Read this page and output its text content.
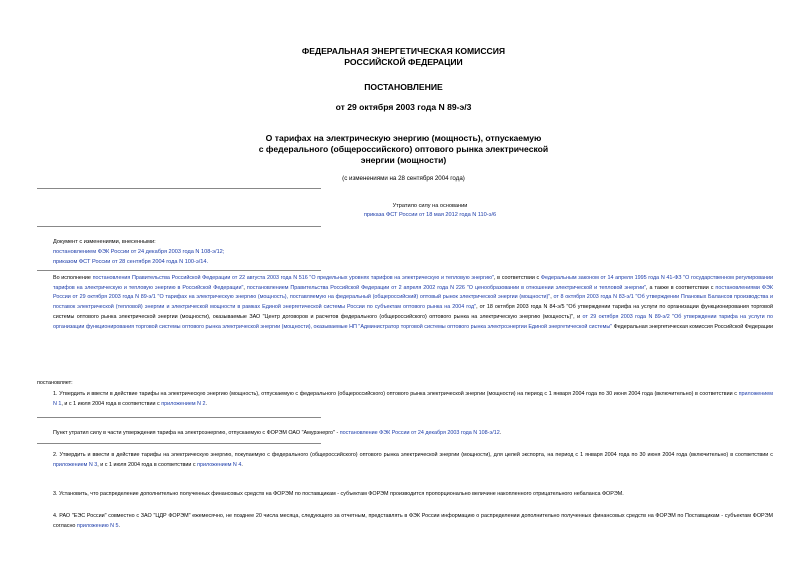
ФЕДЕРАЛЬНАЯ ЭНЕРГЕТИЧЕСКАЯ КОМИССИЯ
РОССИЙСКОЙ ФЕДЕРАЦИИ
ПОСТАНОВЛЕНИЕ
от 29 октября 2003 года N 89-э/3
О тарифах на электрическую энергию (мощность), отпускаемую
с федерального (общероссийского) оптового рынка электрической
энергии (мощности)
(с изменениями на 28 сентября 2004 года)
Утратило силу на основании
приказа ФСТ России от 18 мая 2012 года N 110-э/6
Документ с изменениями, внесенными:
постановлением ФЭК России от 24 декабря 2003 года N 108-э/12;
приказом ФСТ России от 28 сентября 2004 года N 100-э/14.
Во исполнение постановления Правительства Российской Федерации от 22 августа 2003 года N 516 "О предельных уровнях тарифов на электрическую и тепловую энергию", в соответствии с Федеральным законом от 14 апреля 1995 года N 41-ФЗ "О государственном регулировании тарифов на электрическую и тепловую энергию в Российской Федерации", постановлением Правительства Российской Федерации от 2 апреля 2002 года N 226 "О ценообразовании в отношении электрической и тепловой энергии", а также в соответствии с постановлениями ФЭК России от 29 октября 2003 года N 89-э/1 "О тарифах на электрическую энергию (мощность), поставляемую на федеральный (общероссийский) оптовый рынок электрической энергии (мощности)", от 8 октября 2003 года N 83-э/1 "Об утверждении Плановых Балансов производства и поставок электрической (тепловой) энергии и электрической мощности в рамках Единой энергетической системы России по субъектам оптового рынка на 2004 год", от 18 октября 2003 года N 84-э/5 "Об утверждении тарифа на услуги по организации функционирования торговой системы оптового рынка электрической энергии (мощности), оказываемые ЗАО "Центр договоров и расчетов федерального (общероссийского) оптового рынка на электрическую энергию (мощность)", и от 29 октября 2003 года N 89-э/2 "Об утверждении тарифа на услуги по организации функционирования торговой системы оптового рынка электрической энергии (мощности), оказываемые НП "Администратор торговой системы оптового рынка электроэнергии Единой энергетической системы" Федеральная энергетическая комиссия Российской Федерации
постановляет:
1. Утвердить и ввести в действие тарифы на электрическую энергию (мощность), отпускаемую с федерального (общероссийского) оптового рынка электрической энергии (мощности) на период с 1 января 2004 года по 30 июня 2004 года (включительно) в соответствии с приложением N 1, и с 1 июля 2004 года в соответствии с приложением N 2.
Пункт утратил силу в части утверждения тарифа на электроэнергию, отпускаемую с ФОРЭМ ОАО "Амурэнерго" - постановление ФЭК России от 24 декабря 2003 года N 108-э/12.
2. Утвердить и ввести в действие тарифы на электрическую энергию, покупаемую с федерального (общероссийского) оптового рынка электрической энергии (мощности), для целей экспорта, на период с 1 января 2004 года по 30 июня 2004 года (включительно) в соответствии с приложением N 3, и с 1 июля 2004 года в соответствии с приложением N 4.
3. Установить, что распределение дополнительно полученных финансовых средств на ФОРЭМ по поставщикам - субъектам ФОРЭМ производится пропорционально величине накопленного отрицательного небаланса ФОРЭМ.
4. РАО "ЕЭС России" совместно с ЗАО "ЦДР ФОРЭМ" ежемесячно, не позднее 20 числа месяца, следующего за отчетным, представлять в ФЭК России информацию о распределении дополнительно полученных финансовых средств на ФОРЭМ по Поставщикам - субъектам ФОРЭМ согласно приложению N 5.
